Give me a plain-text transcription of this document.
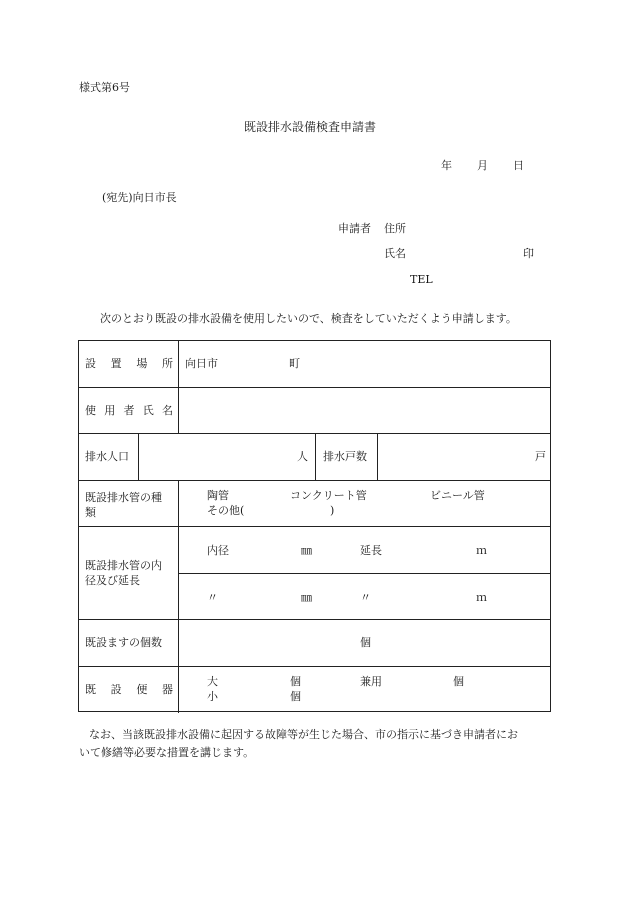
様式第6号
既設排水設備検査申請書
年 月 日
(宛先)向日市長
申請者 住所
氏名	印
TEL
次のとおり既設の排水設備を使用したいので、検査をしていただくよう申請します。
設 置 場 所 向日市	町
使 用 者 氏 名
排水人口	人 排水戸数	戸
既設排水管の種
類
陶管	コンクリート管	ビニール管
その他(	)
既設排水管の内
径及び延長
内径	㎜	延長	ｍ
〃	㎜	〃	ｍ
既設ますの個数	個
既 設 便 器
大	個	兼用	個
小	個
なお、当該既設排水設備に起因する故障等が生じた場合、市の指示に基づき申請者にお
いて修繕等必要な措置を講じます。
